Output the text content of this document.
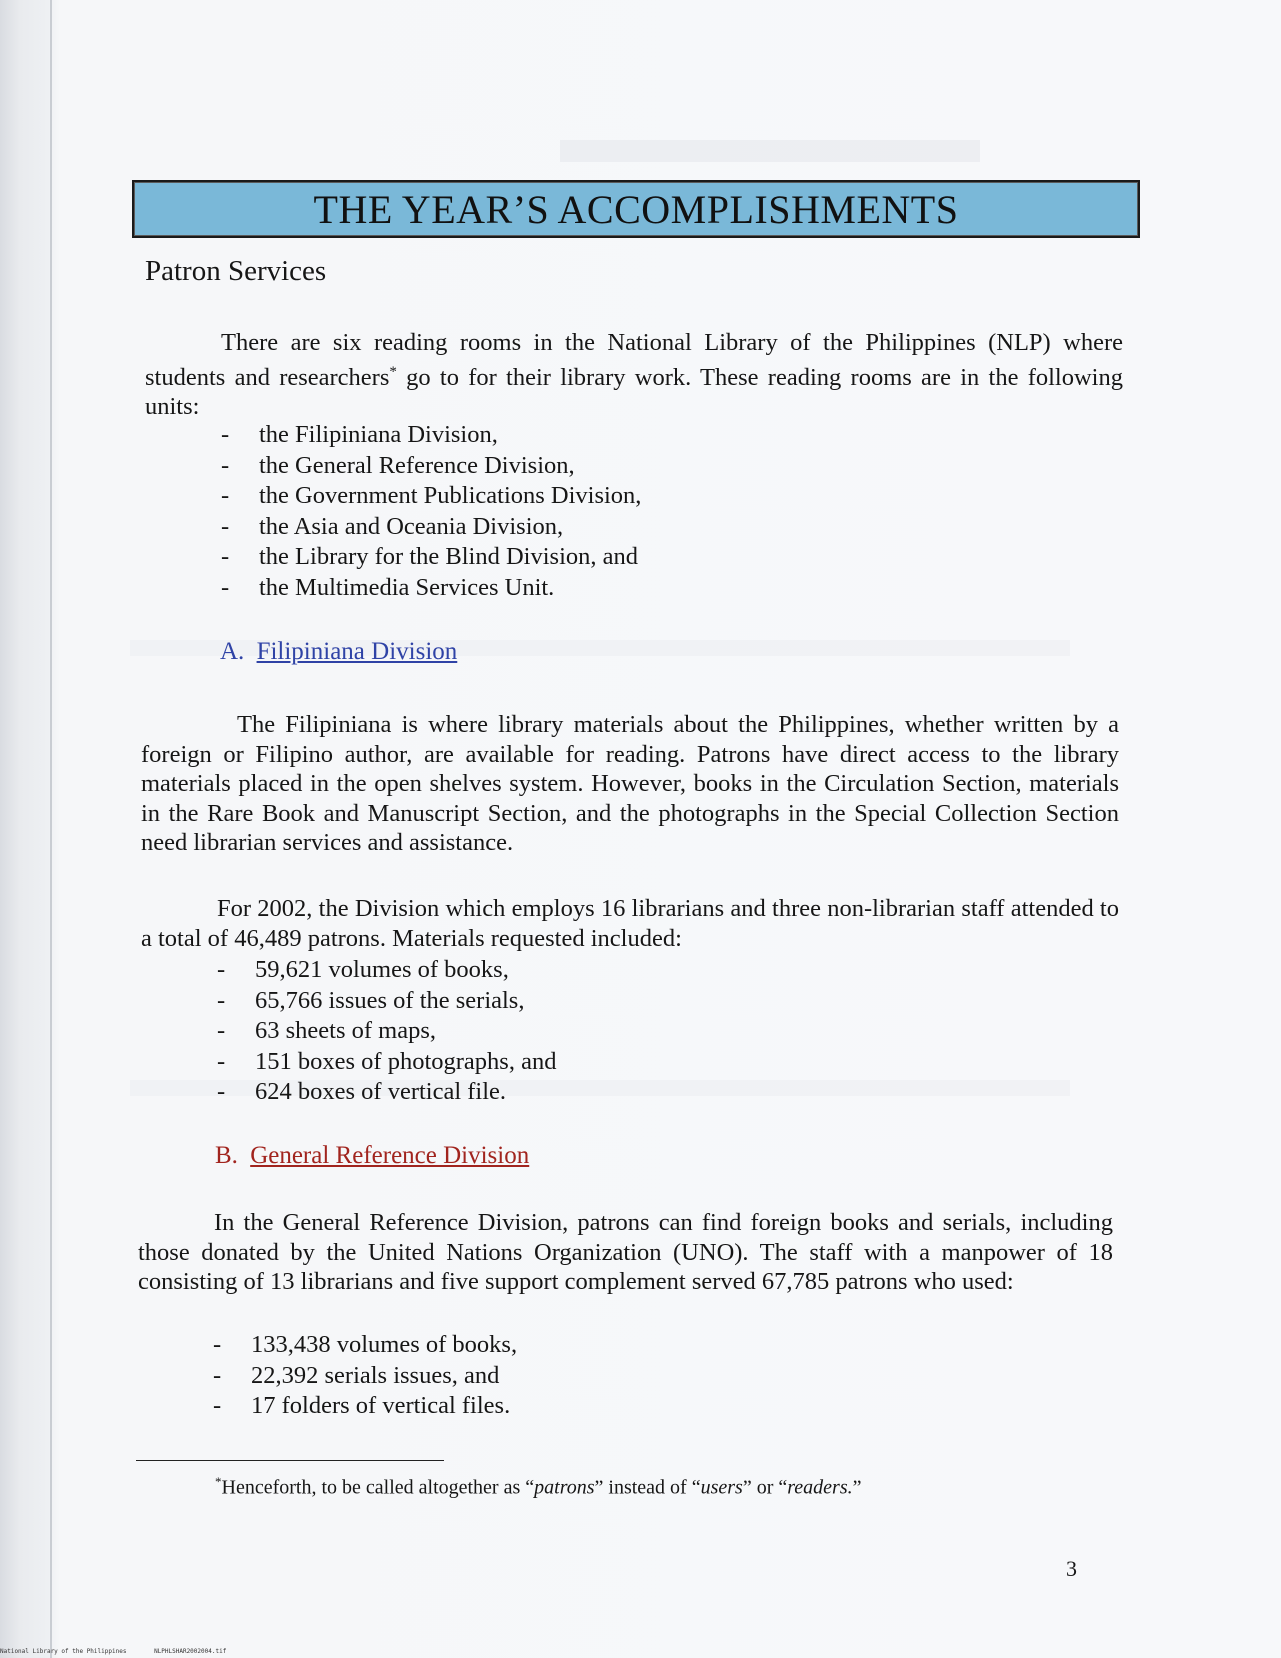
THE YEAR’S ACCOMPLISHMENTS
Patron Services

There are six reading rooms in the National Library of the Philippines (NLP) where students and researchers* go to for their library work. These reading rooms are in the following units:

- the Filipiniana Division,
- the General Reference Division,
- the Government Publications Division,
- the Asia and Oceania Division,
- the Library for the Blind Division, and
- the Multimedia Services Unit.
A. Filipiniana Division

The Filipiniana is where library materials about the Philippines, whether written by a foreign or Filipino author, are available for reading. Patrons have direct access to the library materials placed in the open shelves system. However, books in the Circulation Section, materials in the Rare Book and Manuscript Section, and the photographs in the Special Collection Section need librarian services and assistance.

For 2002, the Division which employs 16 librarians and three non-librarian staff attended to a total of 46,489 patrons. Materials requested included:

- 59,621 volumes of books,
- 65,766 issues of the serials,
- 63 sheets of maps,
- 151 boxes of photographs, and
- 624 boxes of vertical file.
B. General Reference Division

In the General Reference Division, patrons can find foreign books and serials, including those donated by the United Nations Organization (UNO). The staff with a manpower of 18 consisting of 13 librarians and five support complement served 67,785 patrons who used:

- 133,438 volumes of books,
- 22,392 serials issues, and
- 17 folders of vertical files.
*Henceforth, to be called altogether as “patrons” instead of “users” or “readers.”
3
National Library of the Philippines	NLPHLSHAR2002004.tif
